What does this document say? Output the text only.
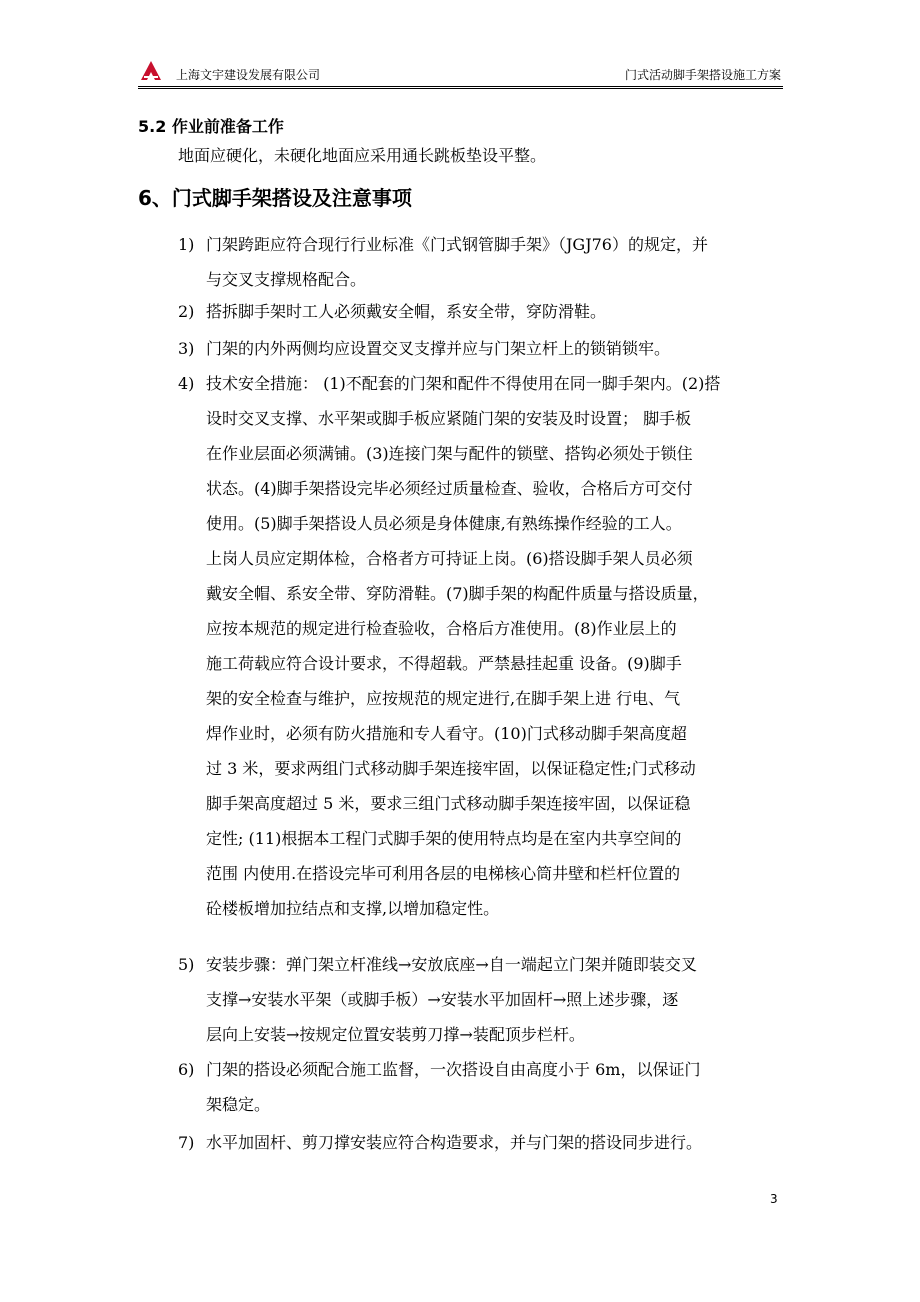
上海文宇建设发展有限公司	门式活动脚手架搭设施工方案
5.2 作业前准备工作
地面应硬化，未硬化地面应采用通长跳板垫设平整。
6、门式脚手架搭设及注意事项
1) 门架跨距应符合现行行业标准《门式钢管脚手架》（JGJ76）的规定，并
与交叉支撑规格配合。
2) 搭拆脚手架时工人必须戴安全帽，系安全带，穿防滑鞋。
3) 门架的内外两侧均应设置交叉支撑并应与门架立杆上的锁销锁牢。
4) 技术安全措施： (1)不配套的门架和配件不得使用在同一脚手架内。(2)搭
设时交叉支撑、水平架或脚手板应紧随门架的安装及时设置； 脚手板
在作业层面必须满铺。(3)连接门架与配件的锁壁、搭钩必须处于锁住
状态。(4)脚手架搭设完毕必须经过质量检查、验收，合格后方可交付
使用。(5)脚手架搭设人员必须是身体健康,有熟练操作经验的工人。
上岗人员应定期体检，合格者方可持证上岗。(6)搭设脚手架人员必须
戴安全帽、系安全带、穿防滑鞋。(7)脚手架的构配件质量与搭设质量，
应按本规范的规定进行检查验收，合格后方准使用。(8)作业层上的
施工荷载应符合设计要求，不得超载。严禁悬挂起重 设备。(9)脚手
架的安全检查与维护，应按规范的规定进行,在脚手架上进 行电、气
焊作业时，必须有防火措施和专人看守。(10)门式移动脚手架高度超
过 3 米，要求两组门式移动脚手架连接牢固，以保证稳定性;门式移动
脚手架高度超过 5 米，要求三组门式移动脚手架连接牢固，以保证稳
定性; (11)根据本工程门式脚手架的使用特点均是在室内共享空间的
范围 内使用.在搭设完毕可利用各层的电梯核心筒井壁和栏杆位置的
砼楼板增加拉结点和支撑,以增加稳定性。
5) 安装步骤：弹门架立杆准线→安放底座→自一端起立门架并随即装交叉
支撑→安装水平架（或脚手板）→安装水平加固杆→照上述步骤，逐
层向上安装→按规定位置安装剪刀撑→装配顶步栏杆。
6) 门架的搭设必须配合施工监督，一次搭设自由高度小于 6m，以保证门
架稳定。
7) 水平加固杆、剪刀撑安装应符合构造要求，并与门架的搭设同步进行。
3
